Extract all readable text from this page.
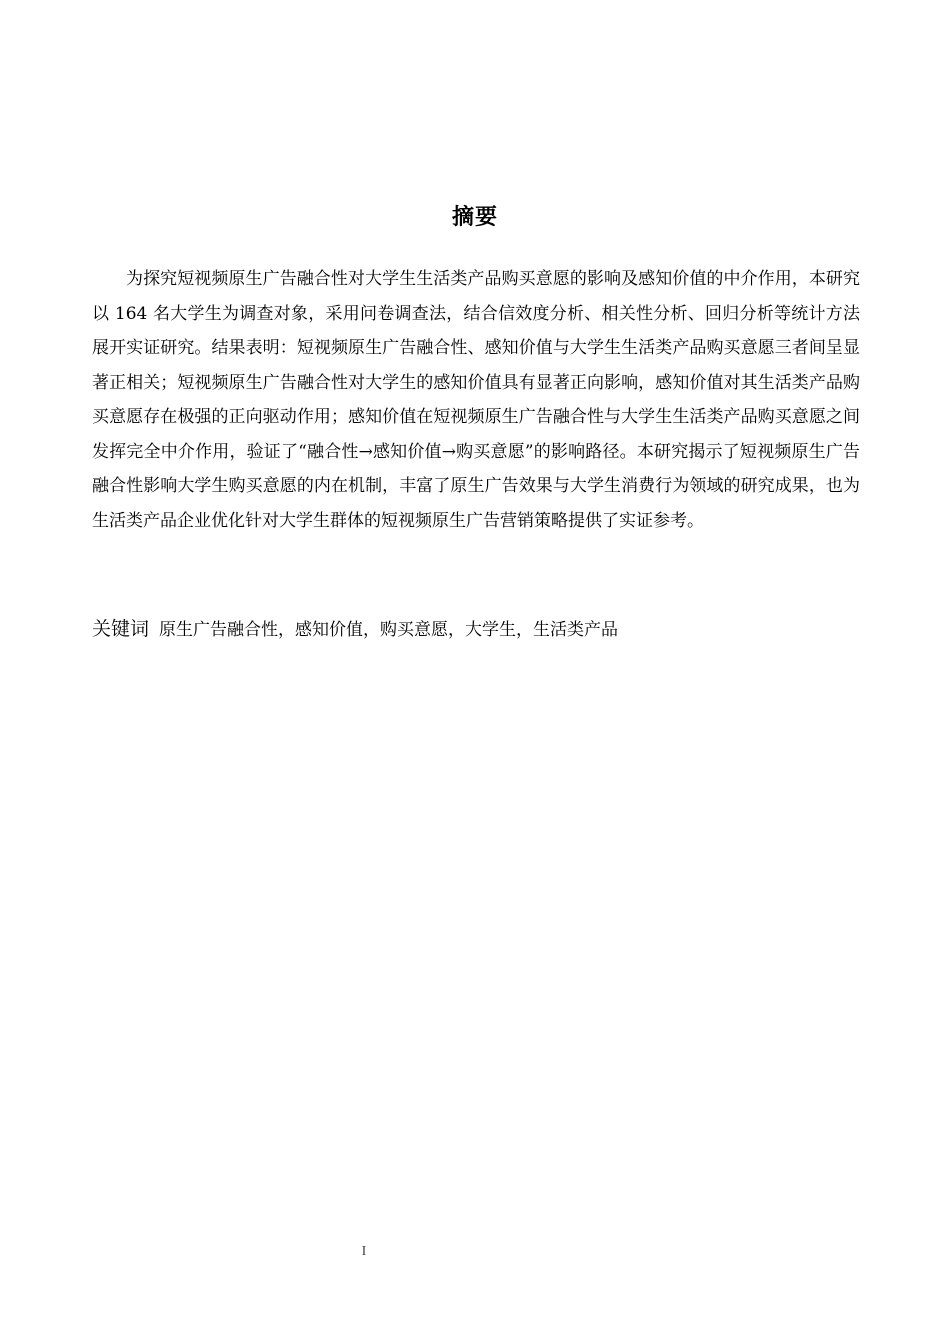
摘要

为探究短视频原生广告融合性对大学生生活类产品购买意愿的影响及感知价值的中介作用，本研究以 164 名大学生为调查对象，采用问卷调查法，结合信效度分析、相关性分析、回归分析等统计方法展开实证研究。结果表明：短视频原生广告融合性、感知价值与大学生生活类产品购买意愿三者间呈显著正相关；短视频原生广告融合性对大学生的感知价值具有显著正向影响，感知价值对其生活类产品购买意愿存在极强的正向驱动作用；感知价值在短视频原生广告融合性与大学生生活类产品购买意愿之间发挥完全中介作用，验证了“融合性→感知价值→购买意愿”的影响路径。本研究揭示了短视频原生广告融合性影响大学生购买意愿的内在机制，丰富了原生广告效果与大学生消费行为领域的研究成果，也为生活类产品企业优化针对大学生群体的短视频原生广告营销策略提供了实证参考。

关键词 原生广告融合性，感知价值，购买意愿，大学生，生活类产品
I
